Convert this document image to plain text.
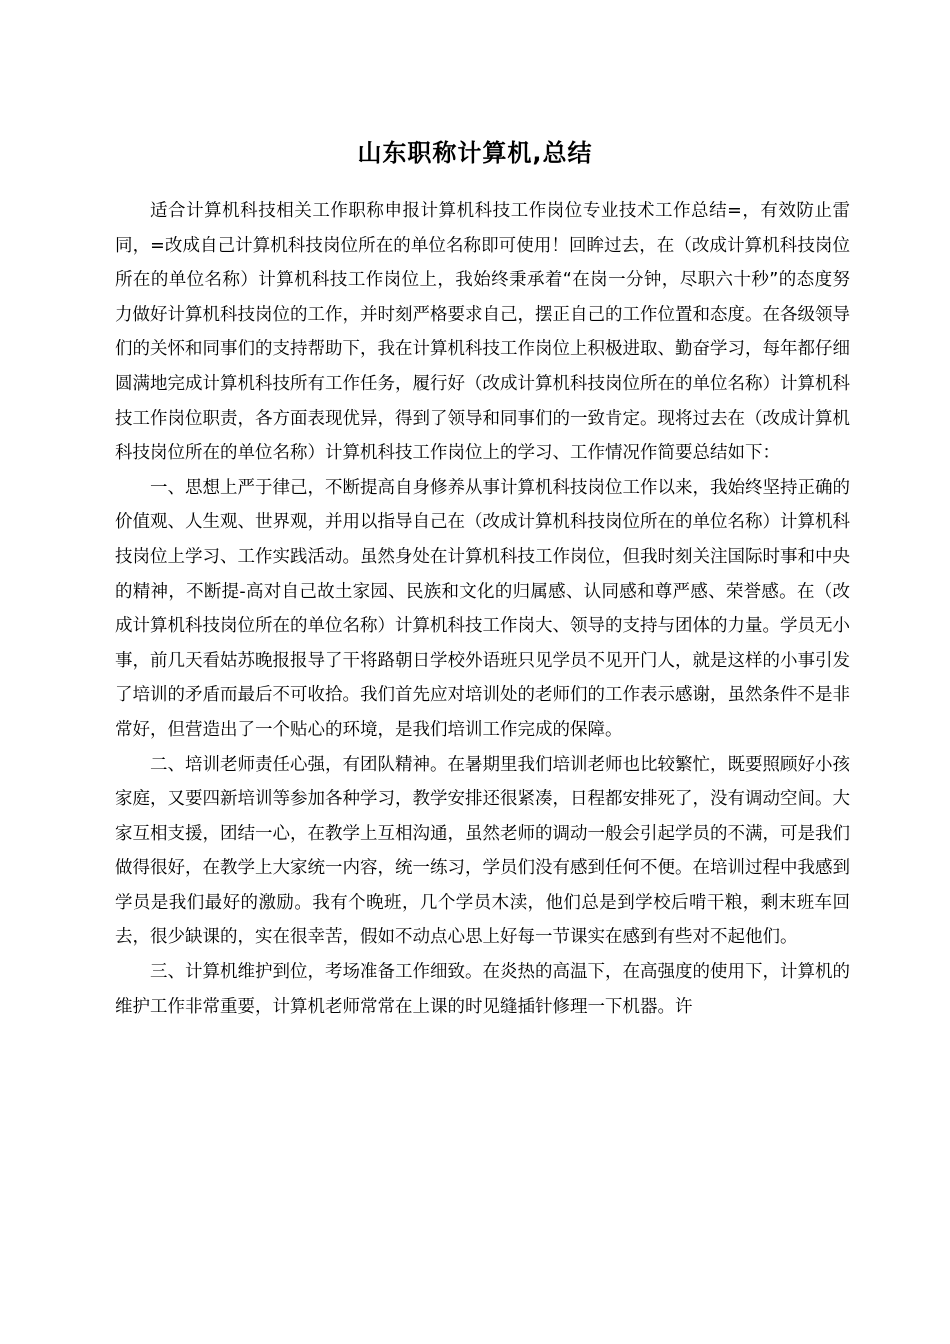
山东职称计算机,总结

适合计算机科技相关工作职称申报计算机科技工作岗位专业技术工作总结=，有效防止雷同，=改成自己计算机科技岗位所在的单位名称即可使用！回眸过去，在（改成计算机科技岗位所在的单位名称）计算机科技工作岗位上，我始终秉承着“在岗一分钟，尽职六十秒”的态度努力做好计算机科技岗位的工作，并时刻严格要求自己，摆正自己的工作位置和态度。在各级领导们的关怀和同事们的支持帮助下，我在计算机科技工作岗位上积极进取、勤奋学习，每年都仔细圆满地完成计算机科技所有工作任务，履行好（改成计算机科技岗位所在的单位名称）计算机科技工作岗位职责，各方面表现优异，得到了领导和同事们的一致肯定。现将过去在（改成计算机科技岗位所在的单位名称）计算机科技工作岗位上的学习、工作情况作简要总结如下：

一、思想上严于律己，不断提高自身修养从事计算机科技岗位工作以来，我始终坚持正确的价值观、人生观、世界观，并用以指导自己在（改成计算机科技岗位所在的单位名称）计算机科技岗位上学习、工作实践活动。虽然身处在计算机科技工作岗位，但我时刻关注国际时事和中央的精神，不断提-高对自己故土家园、民族和文化的归属感、认同感和尊严感、荣誉感。在（改成计算机科技岗位所在的单位名称）计算机科技工作岗大、领导的支持与团体的力量。学员无小事，前几天看姑苏晚报报导了干将路朝日学校外语班只见学员不见开门人，就是这样的小事引发了培训的矛盾而最后不可收拾。我们首先应对培训处的老师们的工作表示感谢，虽然条件不是非常好，但营造出了一个贴心的环境，是我们培训工作完成的保障。

二、培训老师责任心强，有团队精神。在暑期里我们培训老师也比较繁忙，既要照顾好小孩家庭，又要四新培训等参加各种学习，教学安排还很紧凑，日程都安排死了，没有调动空间。大家互相支援，团结一心，在教学上互相沟通，虽然老师的调动一般会引起学员的不满，可是我们做得很好，在教学上大家统一内容，统一练习，学员们没有感到任何不便。在培训过程中我感到学员是我们最好的激励。我有个晚班，几个学员木渎，他们总是到学校后啃干粮，剩末班车回去，很少缺课的，实在很幸苦，假如不动点心思上好每一节课实在感到有些对不起他们。

三、计算机维护到位，考场准备工作细致。在炎热的高温下，在高强度的使用下，计算机的维护工作非常重要，计算机老师常常在上课的时见缝插针修理一下机器。许
